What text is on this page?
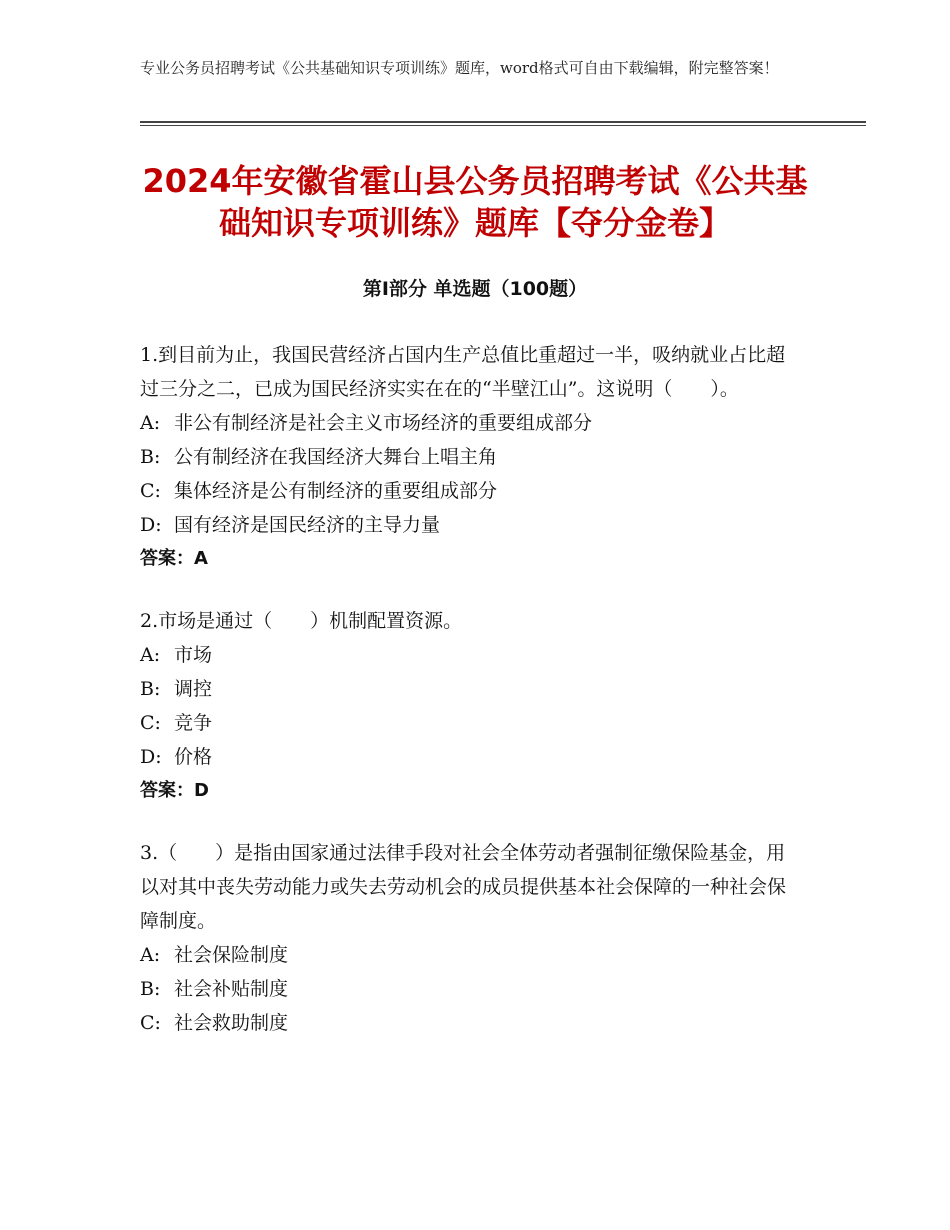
专业公务员招聘考试《公共基础知识专项训练》题库，word格式可自由下载编辑，附完整答案！
2024年安徽省霍山县公务员招聘考试《公共基础知识专项训练》题库【夺分金卷】
第Ⅰ部分 单选题（100题）
1.到目前为止，我国民营经济占国内生产总值比重超过一半，吸纳就业占比超过三分之二，已成为国民经济实实在在的“半壁江山”。这说明（　　）。
A: 非公有制经济是社会主义市场经济的重要组成部分
B: 公有制经济在我国经济大舞台上唱主角
C: 集体经济是公有制经济的重要组成部分
D: 国有经济是国民经济的主导力量
答案：A
2.市场是通过（　　）机制配置资源。
A: 市场
B: 调控
C: 竞争
D: 价格
答案：D
3.（　　）是指由国家通过法律手段对社会全体劳动者强制征缴保险基金，用以对其中丧失劳动能力或失去劳动机会的成员提供基本社会保障的一种社会保障制度。
A: 社会保险制度
B: 社会补贴制度
C: 社会救助制度
